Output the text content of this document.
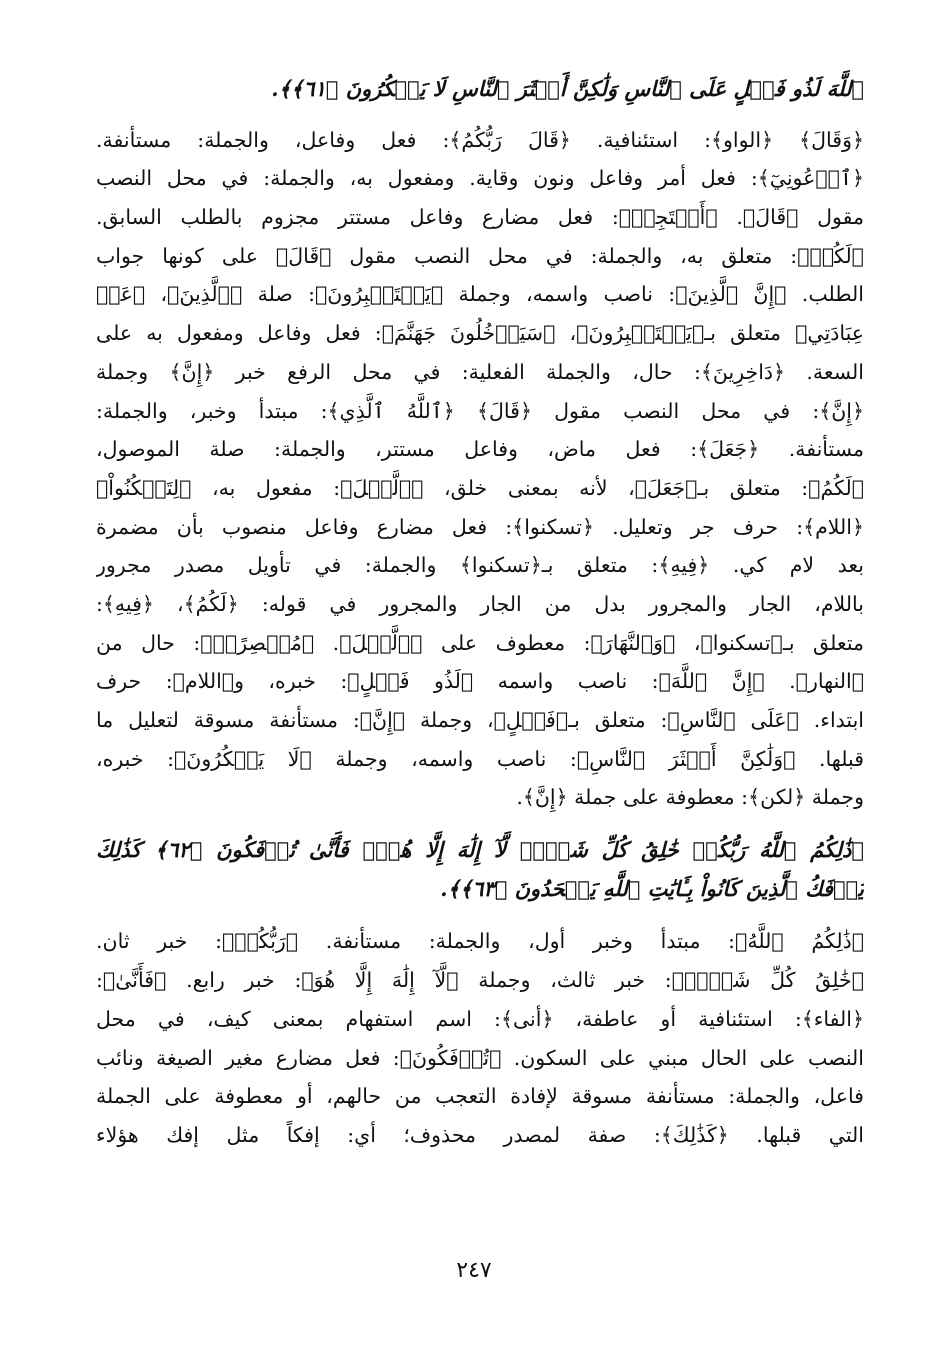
ٱللَّهَ لَذُو فَضۡلٍ عَلَى ٱلنَّاسِ وَلَٰكِنَّ أَكۡثَرَ ٱلنَّاسِ لَا يَشۡكُرُونَ ﴿٦١﴾﴾.
﴿وَقَالَ﴾ ﴿الواو﴾: استئنافية. ﴿قَالَ رَبُّكُمُ﴾: فعل وفاعل، والجملة: مستأنفة.
﴿ٱدۡعُونِيٓ﴾: فعل أمر وفاعل ونون وقاية. ومفعول به، والجملة: في محل النصب
مقول ﴿قَالَ﴾. ﴿أَسۡتَجِبۡ﴾: فعل مضارع وفاعل مستتر مجزوم بالطلب السابق.
﴿لَكُمۡ﴾: متعلق به، والجملة: في محل النصب مقول ﴿قَالَ﴾ على كونها جواب
الطلب. ﴿إِنَّ ٱلَّذِينَ﴾: ناصب واسمه، وجملة ﴿يَسۡتَكۡبِرُونَ﴾: صلة ﴿ٱلَّذِينَ﴾، ﴿عَنۡ
عِبَادَتِي﴾ متعلق بـ﴿يَسۡتَكۡبِرُونَ﴾، ﴿سَيَدۡخُلُونَ جَهَنَّمَ﴾: فعل وفاعل ومفعول به على
السعة. ﴿دَاخِرِينَ﴾: حال، والجملة الفعلية: في محل الرفع خبر ﴿إِنَّ﴾ وجملة
﴿إِنَّ﴾: في محل النصب مقول ﴿قَالَ﴾ ﴿ٱللَّهُ ٱلَّذِي﴾: مبتدأ وخبر، والجملة:
مستأنفة. ﴿جَعَلَ﴾: فعل ماض، وفاعل مستتر، والجملة: صلة الموصول،
﴿لَكُمُ﴾: متعلق بـ﴿جَعَلَ﴾، لأنه بمعنى خلق، ﴿ٱلَّيۡلَ﴾: مفعول به، ﴿لِتَسۡكُنُواْ﴾
﴿اللام﴾: حرف جر وتعليل. ﴿تسكنوا﴾: فعل مضارع وفاعل منصوب بأن مضمرة
بعد لام كي. ﴿فِيهِ﴾: متعلق بـ﴿تسكنوا﴾ والجملة: في تأويل مصدر مجرور
باللام، الجار والمجرور بدل من الجار والمجرور في قوله: ﴿لَكُمُ﴾، ﴿فِيهِ﴾:
متعلق بـ﴿تسكنوا﴾، ﴿وَٱلنَّهَارَ﴾: معطوف على ﴿ٱلَّيۡلَ﴾. ﴿مُبۡصِرًاۚ﴾: حال من
﴿النهار﴾. ﴿إِنَّ ٱللَّهَ﴾: ناصب واسمه ﴿لَذُو فَضۡلٍ﴾: خبره، و﴿اللام﴾: حرف
ابتداء. ﴿عَلَى ٱلنَّاسِ﴾: متعلق بـ﴿فَضۡلٍ﴾، وجملة ﴿إِنَّ﴾: مستأنفة مسوقة لتعليل ما
قبلها. ﴿وَلَٰكِنَّ أَكۡثَرَ ٱلنَّاسِ﴾: ناصب واسمه، وجملة ﴿لَا يَشۡكُرُونَ﴾: خبره،
وجملة ﴿لكن﴾: معطوفة على جملة ﴿إِنَّ﴾.
﴿ذَٰلِكُمُ ٱللَّهُ رَبُّكُمۡ خَٰلِقُ كُلِّ شَيۡءٖ لَّآ إِلَٰهَ إِلَّا هُوَۖ فَأَنَّىٰ تُؤۡفَكُونَ ﴿٦٢﴾ كَذَٰلِكَ
يُؤۡفَكُ ٱلَّذِينَ كَانُواْ بِـَٔايَٰتِ ٱللَّهِ يَجۡحَدُونَ ﴿٦٣﴾﴾.
﴿ذَٰلِكُمُ ٱللَّهُ﴾: مبتدأ وخبر أول، والجملة: مستأنفة. ﴿رَبُّكُمۡ﴾: خبر ثان.
﴿خَٰلِقُ كُلِّ شَيۡءٖ﴾: خبر ثالث، وجملة ﴿لَّآ إِلَٰهَ إِلَّا هُوَ﴾: خبر رابع. ﴿فَأَنَّىٰ﴾:
﴿الفاء﴾: استئنافية أو عاطفة، ﴿أنى﴾: اسم استفهام بمعنى كيف، في محل
النصب على الحال مبني على السكون. ﴿تُؤۡفَكُونَ﴾: فعل مضارع مغير الصيغة ونائب
فاعل، والجملة: مستأنفة مسوقة لإفادة التعجب من حالهم، أو معطوفة على الجملة
التي قبلها. ﴿كَذَٰلِكَ﴾: صفة لمصدر محذوف؛ أي: إفكاً مثل إفك هؤلاء
٢٤٧
